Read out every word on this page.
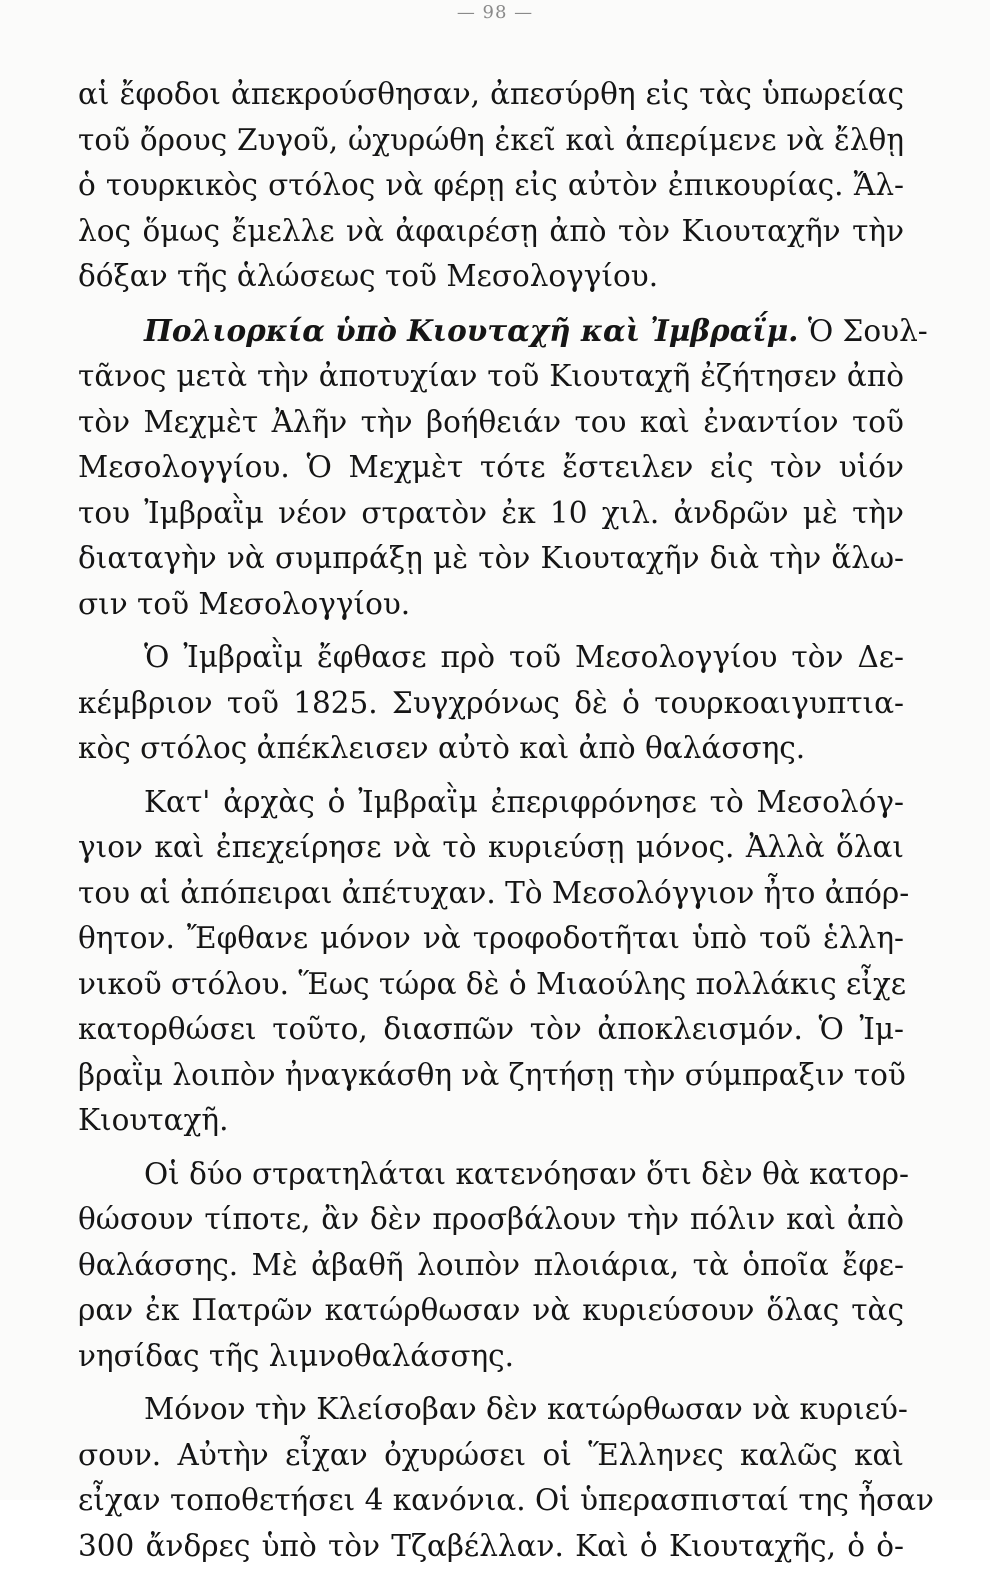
— 98 —
αἱ ἔφοδοι ἀπεκρούσθησαν, ἀπεσύρθη εἰς τὰς ὑπωρείας
τοῦ ὄρους Ζυγοῦ, ὠχυρώθη ἐκεῖ καὶ ἀπερίμενε νὰ ἔλθῃ
ὁ τουρκικὸς στόλος νὰ φέρῃ εἰς αὐτὸν ἐπικουρίας. Ἄλ-
λος ὅμως ἔμελλε νὰ ἀφαιρέσῃ ἀπὸ τὸν Κιουταχῆν τὴν
δόξαν τῆς ἁλώσεως τοῦ Μεσολογγίου.
Πολιορκία ὑπὸ Κιουταχῆ καὶ Ἰμβραΐμ. Ὁ Σουλ-
τᾶνος μετὰ τὴν ἀποτυχίαν τοῦ Κιουταχῆ ἐζήτησεν ἀπὸ
τὸν Μεχμὲτ Ἀλῆν τὴν βοήθειάν του καὶ ἐναντίον τοῦ
Μεσολογγίου. Ὁ Μεχμὲτ τότε ἔστειλεν εἰς τὸν υἱόν
του Ἰμβραῒμ νέον στρατὸν ἐκ 10 χιλ. ἀνδρῶν μὲ τὴν
διαταγὴν νὰ συμπράξῃ μὲ τὸν Κιουταχῆν διὰ τὴν ἅλω-
σιν τοῦ Μεσολογγίου.
Ὁ Ἰμβραῒμ ἔφθασε πρὸ τοῦ Μεσολογγίου τὸν Δε-
κέμβριον τοῦ 1825. Συγχρόνως δὲ ὁ τουρκοαιγυπτια-
κὸς στόλος ἀπέκλεισεν αὐτὸ καὶ ἀπὸ θαλάσσης.
Κατ' ἀρχὰς ὁ Ἰμβραῒμ ἐπεριφρόνησε τὸ Μεσολόγ-
γιον καὶ ἐπεχείρησε νὰ τὸ κυριεύσῃ μόνος. Ἀλλὰ ὅλαι
του αἱ ἀπόπειραι ἀπέτυχαν. Τὸ Μεσολόγγιον ἦτο ἀπόρ-
θητον. Ἔφθανε μόνον νὰ τροφοδοτῆται ὑπὸ τοῦ ἑλλη-
νικοῦ στόλου. Ἕως τώρα δὲ ὁ Μιαούλης πολλάκις εἶχε
κατορθώσει τοῦτο, διασπῶν τὸν ἀποκλεισμόν. Ὁ Ἰμ-
βραῒμ λοιπὸν ἠναγκάσθη νὰ ζητήσῃ τὴν σύμπραξιν τοῦ
Κιουταχῆ.
Οἱ δύο στρατηλάται κατενόησαν ὅτι δὲν θὰ κατορ-
θώσουν τίποτε, ἂν δὲν προσβάλουν τὴν πόλιν καὶ ἀπὸ
θαλάσσης. Μὲ ἀβαθῆ λοιπὸν πλοιάρια, τὰ ὁποῖα ἔφε-
ραν ἐκ Πατρῶν κατώρθωσαν νὰ κυριεύσουν ὅλας τὰς
νησίδας τῆς λιμνοθαλάσσης.
Μόνον τὴν Κλείσοβαν δὲν κατώρθωσαν νὰ κυριεύ-
σουν. Αὐτὴν εἶχαν ὀχυρώσει οἱ Ἕλληνες καλῶς καὶ
εἶχαν τοποθετήσει 4 κανόνια. Οἱ ὑπερασπισταί της ἦσαν
300 ἄνδρες ὑπὸ τὸν Τζαβέλλαν. Καὶ ὁ Κιουταχῆς, ὁ ὁ-
